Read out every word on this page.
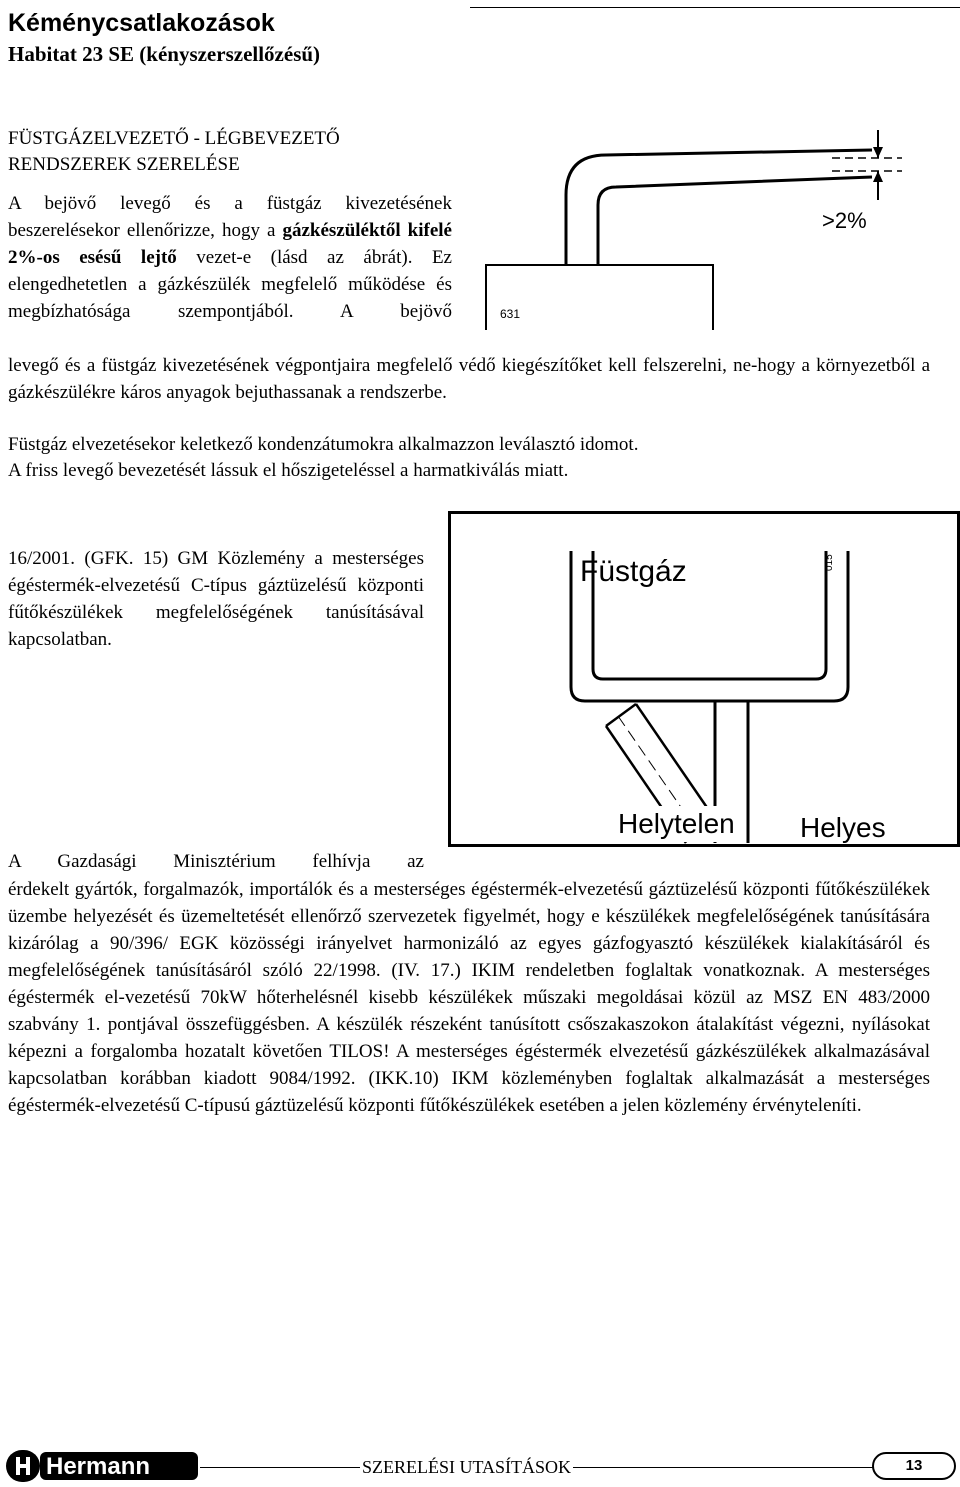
Kéménycsatlakozások
Habitat 23 SE (kényszerszellőzésű)
FÜSTGÁZELVEZETŐ - LÉGBEVEZETŐ
RENDSZEREK SZERELÉSE

A bejövő levegő és a füstgáz kivezetésének beszerelésekor ellenőrizze, hogy a gázkészüléktől kifelé 2%-os esésű lejtő vezet-e (lásd az ábrát). Ez elengedhetetlen a gázkészülék megfelelő működése és megbízhatósága szempontjából. A bejövő

levegő és a füstgáz kivezetésének végpontjaira megfelelő védő kiegészítőket kell felszerelni, ne-hogy a környezetből a gázkészülékre káros anyagok bejuthassanak a rendszerbe.

Füstgáz elvezetésekor keletkező kondenzátumokra alkalmazzon leválasztó idomot.
A friss levegő bevezetését lássuk el hőszigeteléssel a harmatkiválás miatt.

16/2001. (GFK. 15) GM Közlemény a mesterséges égéstermék-elvezetésű C-típus gáztüzelésű központi fűtőkészülékek megfelelőségének tanúsításával kapcsolatban.

A Gazdasági Minisztérium felhívja az

érdekelt gyártók, forgalmazók, importálók és a mesterséges égéstermék-elvezetésű gáztüzelésű központi fűtőkészülékek üzembe helyezését és üzemeltetését ellenőrző szervezetek figyelmét, hogy e készülékek megfelelőségének tanúsítására kizárólag a 90/396/ EGK közösségi irányelvet harmonizáló az egyes gázfogyasztó készülékek kialakításáról és megfelelőségének tanúsításáról szóló 22/1998. (IV. 17.) IKIM rendeletben foglaltak vonatkoznak. A mesterséges égéstermék el-vezetésű 70kW hőterhelésnél kisebb készülékek műszaki megoldásai közül az MSZ EN 483/2000 szabvány 1. pontjával összefüggésben. A készülék részeként tanúsított csőszakaszokon átalakítást végezni, nyílásokat képezni a forgalomba hozatalt követően TILOS! A mesterséges égéstermék elvezetésű gázkészülékek alkalmazásával kapcsolatban korábban kiadott 9084/1992. (IKK.10) IKM közleményben foglaltak alkalmazását a mesterséges égéstermék-elvezetésű C-típusú gáztüzelésű központi fűtőkészülékek esetében a jelen közlemény érvényteleníti.

>2%
631
Füstgáz	015
Helytelen Helyes
Hermann	SZERELÉSI UTASÍTÁSOK	13
